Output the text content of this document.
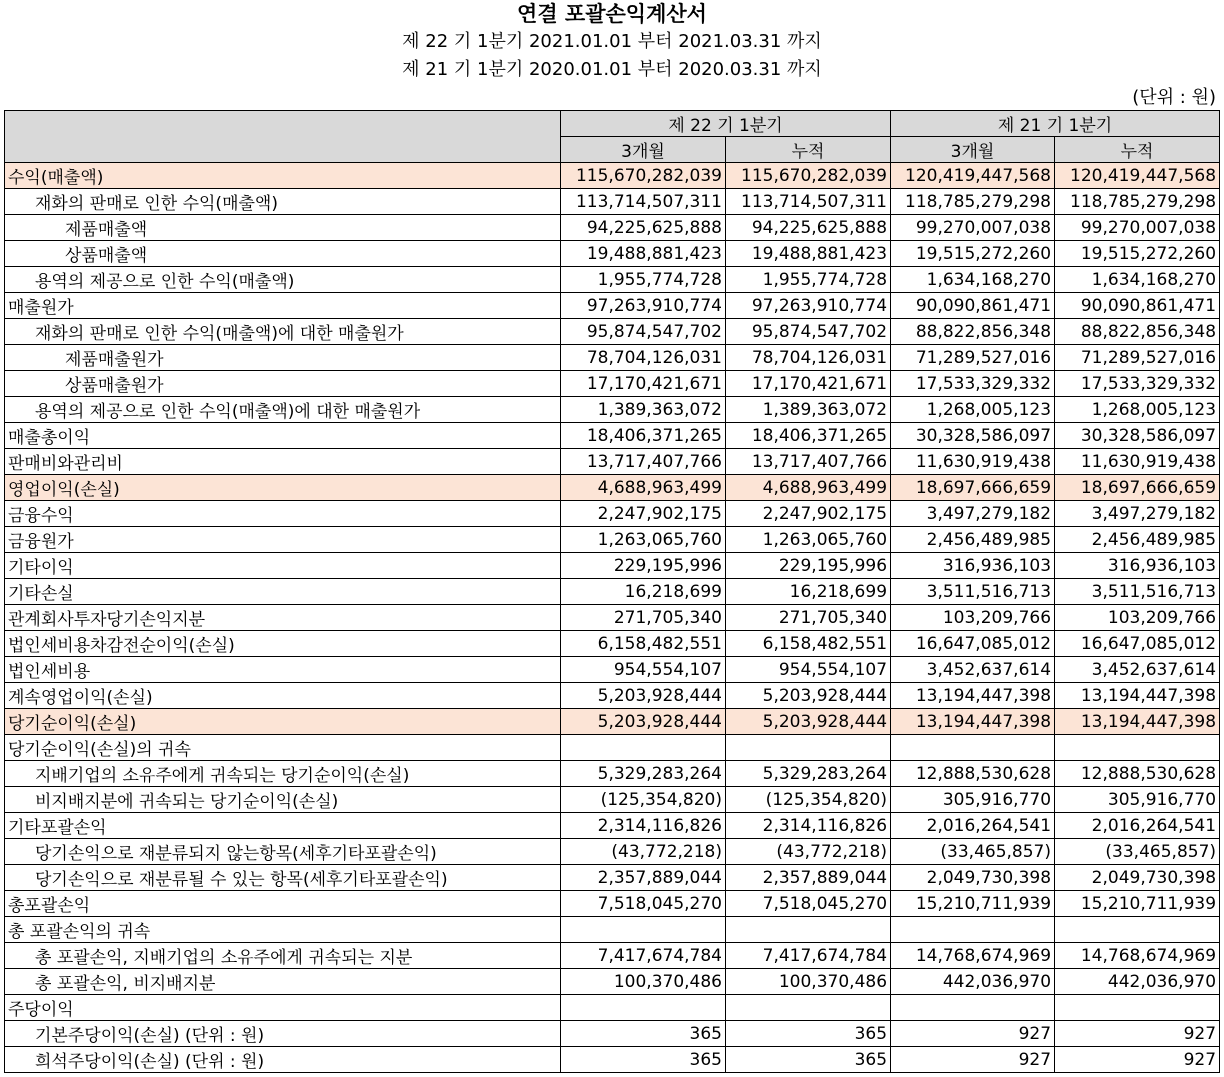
연결 포괄손익계산서
제 22 기 1분기 2021.01.01 부터 2021.03.31 까지
제 21 기 1분기 2020.01.01 부터 2020.03.31 까지
(단위 : 원)
	제 22 기 1분기		제 21 기 1분기	
	3개월	누적	3개월	누적
수익(매출액)	115,670,282,039	115,670,282,039	120,419,447,568	120,419,447,568
재화의 판매로 인한 수익(매출액)	113,714,507,311	113,714,507,311	118,785,279,298	118,785,279,298
제품매출액	94,225,625,888	94,225,625,888	99,270,007,038	99,270,007,038
상품매출액	19,488,881,423	19,488,881,423	19,515,272,260	19,515,272,260
용역의 제공으로 인한 수익(매출액)	1,955,774,728	1,955,774,728	1,634,168,270	1,634,168,270
매출원가	97,263,910,774	97,263,910,774	90,090,861,471	90,090,861,471
재화의 판매로 인한 수익(매출액)에 대한 매출원가	95,874,547,702	95,874,547,702	88,822,856,348	88,822,856,348
제품매출원가	78,704,126,031	78,704,126,031	71,289,527,016	71,289,527,016
상품매출원가	17,170,421,671	17,170,421,671	17,533,329,332	17,533,329,332
용역의 제공으로 인한 수익(매출액)에 대한 매출원가	1,389,363,072	1,389,363,072	1,268,005,123	1,268,005,123
매출총이익	18,406,371,265	18,406,371,265	30,328,586,097	30,328,586,097
판매비와관리비	13,717,407,766	13,717,407,766	11,630,919,438	11,630,919,438
영업이익(손실)	4,688,963,499	4,688,963,499	18,697,666,659	18,697,666,659
금융수익	2,247,902,175	2,247,902,175	3,497,279,182	3,497,279,182
금융원가	1,263,065,760	1,263,065,760	2,456,489,985	2,456,489,985
기타이익	229,195,996	229,195,996	316,936,103	316,936,103
기타손실	16,218,699	16,218,699	3,511,516,713	3,511,516,713
관계회사투자당기손익지분	271,705,340	271,705,340	103,209,766	103,209,766
법인세비용차감전순이익(손실)	6,158,482,551	6,158,482,551	16,647,085,012	16,647,085,012
법인세비용	954,554,107	954,554,107	3,452,637,614	3,452,637,614
계속영업이익(손실)	5,203,928,444	5,203,928,444	13,194,447,398	13,194,447,398
당기순이익(손실)	5,203,928,444	5,203,928,444	13,194,447,398	13,194,447,398
당기순이익(손실)의 귀속				
지배기업의 소유주에게 귀속되는 당기순이익(손실)	5,329,283,264	5,329,283,264	12,888,530,628	12,888,530,628
비지배지분에 귀속되는 당기순이익(손실)	(125,354,820)	(125,354,820)	305,916,770	305,916,770
기타포괄손익	2,314,116,826	2,314,116,826	2,016,264,541	2,016,264,541
당기손익으로 재분류되지 않는항목(세후기타포괄손익)	(43,772,218)	(43,772,218)	(33,465,857)	(33,465,857)
당기손익으로 재분류될 수 있는 항목(세후기타포괄손익)	2,357,889,044	2,357,889,044	2,049,730,398	2,049,730,398
총포괄손익	7,518,045,270	7,518,045,270	15,210,711,939	15,210,711,939
총 포괄손익의 귀속				
총 포괄손익, 지배기업의 소유주에게 귀속되는 지분	7,417,674,784	7,417,674,784	14,768,674,969	14,768,674,969
총 포괄손익, 비지배지분	100,370,486	100,370,486	442,036,970	442,036,970
주당이익				
기본주당이익(손실) (단위 : 원)	365	365	927	927
희석주당이익(손실) (단위 : 원)	365	365	927	927
